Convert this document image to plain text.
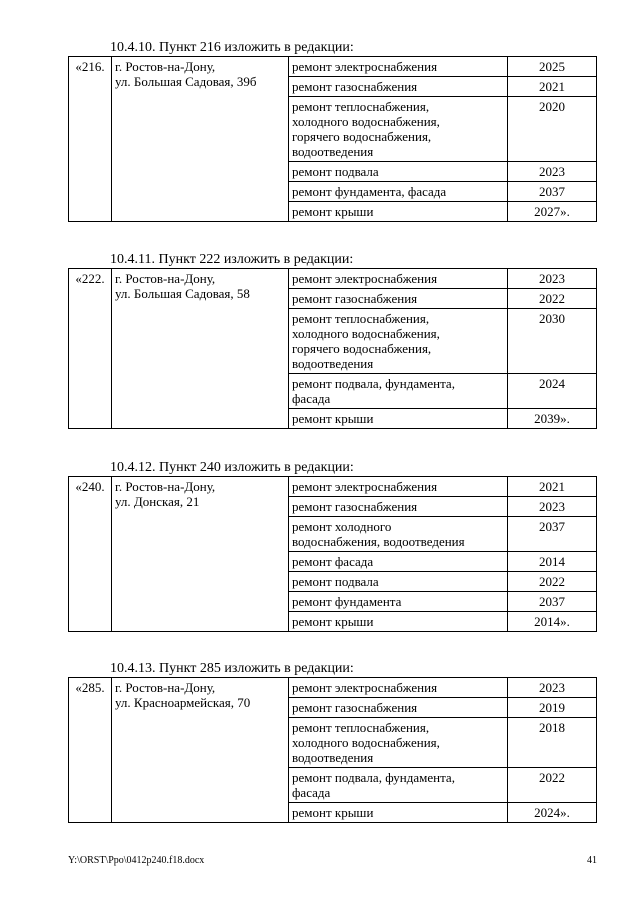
10.4.10. Пункт 216 изложить в редакции:
«216.	г. Ростов-на-Дону,
ул. Большая Садовая, 39б	ремонт электроснабжения	2025

		ремонт газоснабжения	2021

		ремонт теплоснабжения,
холодного водоснабжения,
горячего водоснабжения,
водоотведения	2020

		ремонт подвала	2023

		ремонт фундамента, фасада	2037

		ремонт крыши	2027».
10.4.11. Пункт 222 изложить в редакции:
«222.	г. Ростов-на-Дону,
ул. Большая Садовая, 58	ремонт электроснабжения	2023

		ремонт газоснабжения	2022

		ремонт теплоснабжения,
холодного водоснабжения,
горячего водоснабжения,
водоотведения	2030

		ремонт подвала, фундамента,
фасада	2024

		ремонт крыши	2039».
10.4.12. Пункт 240 изложить в редакции:
«240.	г. Ростов-на-Дону,
ул. Донская, 21	ремонт электроснабжения	2021

		ремонт газоснабжения	2023

		ремонт холодного
водоснабжения, водоотведения	2037

		ремонт фасада	2014

		ремонт подвала	2022

		ремонт фундамента	2037

		ремонт крыши	2014».
10.4.13. Пункт 285 изложить в редакции:
«285.	г. Ростов-на-Дону,
ул. Красноармейская, 70	ремонт электроснабжения	2023

		ремонт газоснабжения	2019

		ремонт теплоснабжения,
холодного водоснабжения,
водоотведения	2018

		ремонт подвала, фундамента,
фасада	2022

		ремонт крыши	2024».
Y:\ORST\Ppo\0412p240.f18.docx	41
